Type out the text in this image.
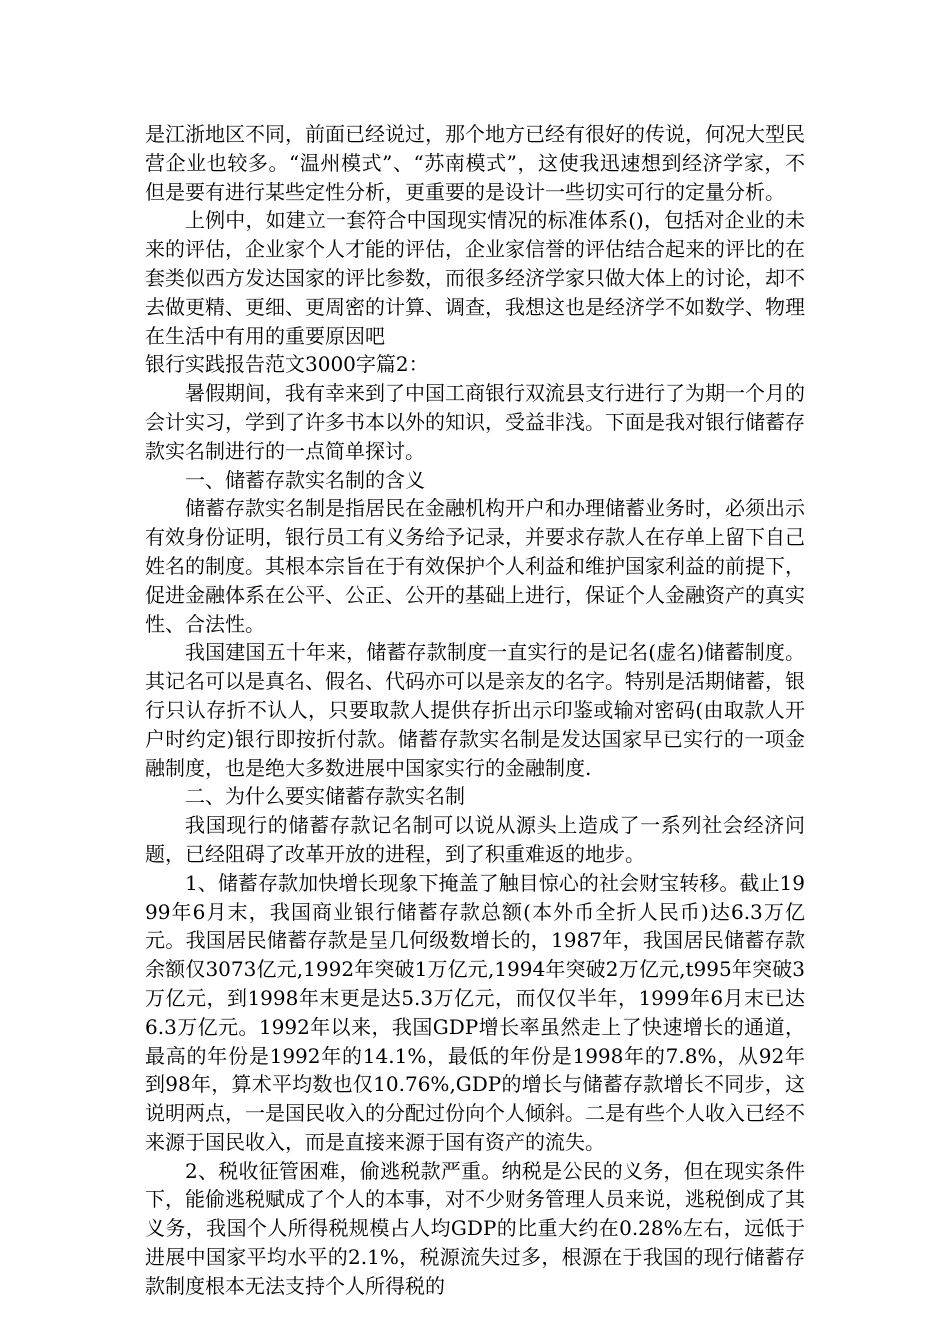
是江浙地区不同，前面已经说过，那个地方已经有很好的传说，何况大型民营企业也较多。“温州模式”、“苏南模式”，这使我迅速想到经济学家，不但是要有进行某些定性分析，更重要的是设计一些切实可行的定量分析。

上例中，如建立一套符合中国现实情况的标准体系()，包括对企业的未来的评估，企业家个人才能的评估，企业家信誉的评估结合起来的评比的在套类似西方发达国家的评比参数，而很多经济学家只做大体上的讨论，却不去做更精、更细、更周密的计算、调查，我想这也是经济学不如数学、物理在生活中有用的重要原因吧

银行实践报告范文3000字篇2：

暑假期间，我有幸来到了中国工商银行双流县支行进行了为期一个月的会计实习，学到了许多书本以外的知识，受益非浅。下面是我对银行储蓄存款实名制进行的一点简单探讨。

一、储蓄存款实名制的含义

储蓄存款实名制是指居民在金融机构开户和办理储蓄业务时，必须出示有效身份证明，银行员工有义务给予记录，并要求存款人在存单上留下自己姓名的制度。其根本宗旨在于有效保护个人利益和维护国家利益的前提下，促进金融体系在公平、公正、公开的基础上进行，保证个人金融资产的真实性、合法性。

我国建国五十年来，储蓄存款制度一直实行的是记名(虚名)储蓄制度。其记名可以是真名、假名、代码亦可以是亲友的名字。特别是活期储蓄，银行只认存折不认人，只要取款人提供存折出示印鉴或输对密码(由取款人开户时约定)银行即按折付款。储蓄存款实名制是发达国家早已实行的一项金融制度，也是绝大多数进展中国家实行的金融制度.

二、为什么要实储蓄存款实名制

我国现行的储蓄存款记名制可以说从源头上造成了一系列社会经济问题，已经阻碍了改革开放的进程，到了积重难返的地步。

1、储蓄存款加快增长现象下掩盖了触目惊心的社会财宝转移。截止1999年6月末，我国商业银行储蓄存款总额(本外币全折人民币)达6.3万亿元。我国居民储蓄存款是呈几何级数增长的，1987年，我国居民储蓄存款余额仅3073亿元,1992年突破1万亿元,1994年突破2万亿元,t995年突破3万亿元，到1998年末更是达5.3万亿元，而仅仅半年，1999年6月末已达6.3万亿元。1992年以来，我国GDP增长率虽然走上了快速增长的通道，最高的年份是1992年的14.1%，最低的年份是1998年的7.8%，从92年到98年，算术平均数也仅10.76%,GDP的增长与储蓄存款增长不同步，这说明两点，一是国民收入的分配过份向个人倾斜。二是有些个人收入已经不来源于国民收入，而是直接来源于国有资产的流失。

2、税收征管困难，偷逃税款严重。纳税是公民的义务，但在现实条件下，能偷逃税赋成了个人的本事，对不少财务管理人员来说，逃税倒成了其义务，我国个人所得税规模占人均GDP的比重大约在0.28%左右，远低于进展中国家平均水平的2.1%，税源流失过多，根源在于我国的现行储蓄存款制度根本无法支持个人所得税的
